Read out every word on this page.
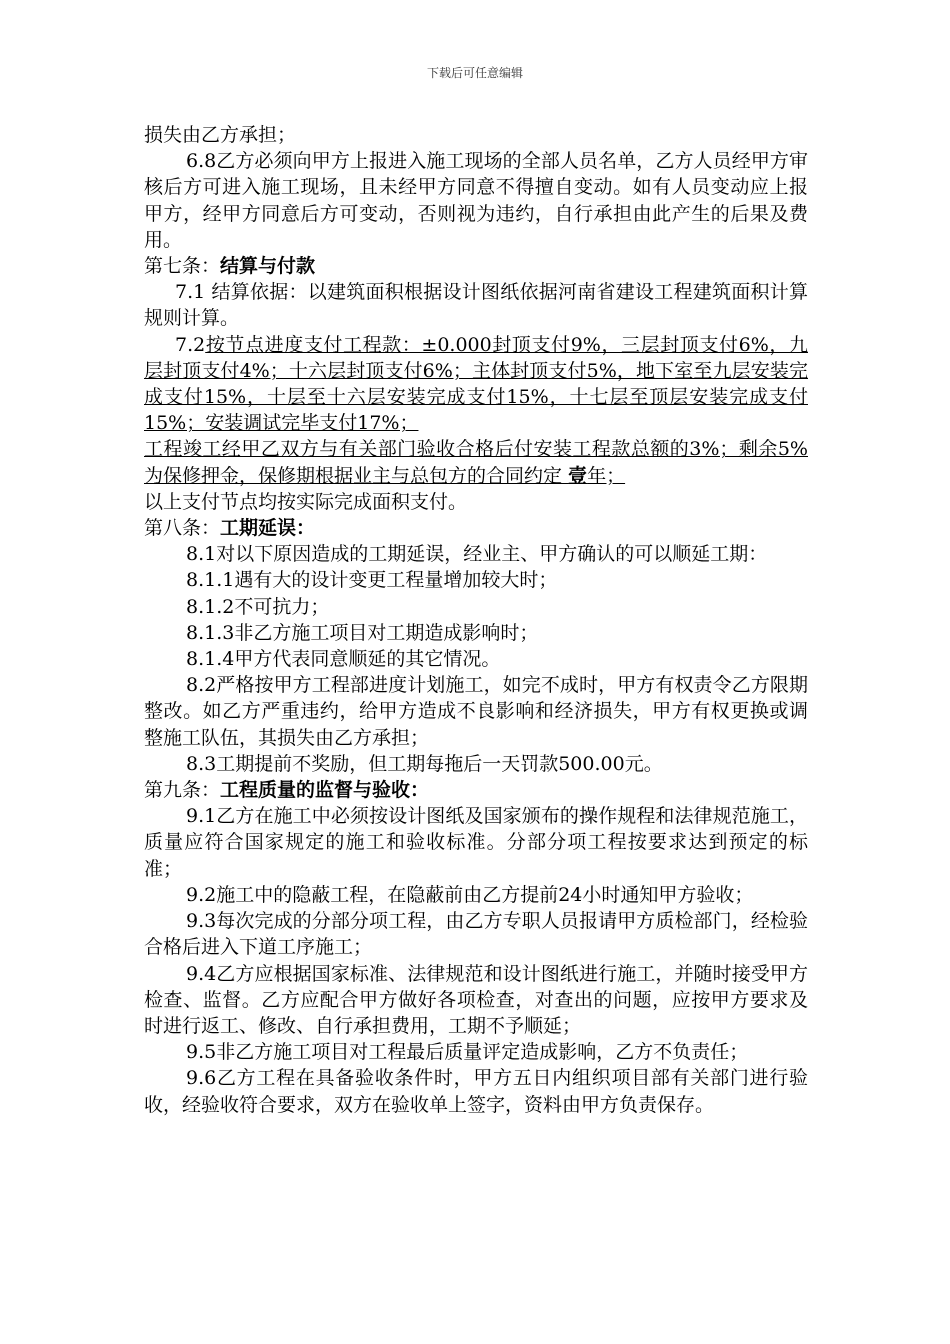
下载后可任意编辑

损失由乙方承担；

6.8乙方必须向甲方上报进入施工现场的全部人员名单，乙方人员经甲方审核后方可进入施工现场，且未经甲方同意不得擅自变动。如有人员变动应上报甲方，经甲方同意后方可变动，否则视为违约，自行承担由此产生的后果及费用。

第七条：结算与付款

7.1 结算依据：以建筑面积根据设计图纸依据河南省建设工程建筑面积计算规则计算。

7.2按节点进度支付工程款：±0.000封顶支付9%，三层封顶支付6%，九层封顶支付4%；十六层封顶支付6%；主体封顶支付5%，地下室至九层安装完成支付15%，十层至十六层安装完成支付15%，十七层至顶层安装完成支付15%；安装调试完毕支付17%；

工程竣工经甲乙双方与有关部门验收合格后付安装工程款总额的3%；剩余5%为保修押金，保修期根据业主与总包方的合同约定 壹年；

以上支付节点均按实际完成面积支付。

第八条：工期延误：

8.1对以下原因造成的工期延误，经业主、甲方确认的可以顺延工期：

8.1.1遇有大的设计变更工程量增加较大时；

8.1.2不可抗力；

8.1.3非乙方施工项目对工期造成影响时；

8.1.4甲方代表同意顺延的其它情况。

8.2严格按甲方工程部进度计划施工，如完不成时，甲方有权责令乙方限期整改。如乙方严重违约，给甲方造成不良影响和经济损失，甲方有权更换或调整施工队伍，其损失由乙方承担；

8.3工期提前不奖励，但工期每拖后一天罚款500.00元。

第九条：工程质量的监督与验收：

9.1乙方在施工中必须按设计图纸及国家颁布的操作规程和法律规范施工，质量应符合国家规定的施工和验收标准。分部分项工程按要求达到预定的标准；

9.2施工中的隐蔽工程，在隐蔽前由乙方提前24小时通知甲方验收；

9.3每次完成的分部分项工程，由乙方专职人员报请甲方质检部门，经检验合格后进入下道工序施工；

9.4乙方应根据国家标准、法律规范和设计图纸进行施工，并随时接受甲方检查、监督。乙方应配合甲方做好各项检查，对查出的问题，应按甲方要求及时进行返工、修改、自行承担费用，工期不予顺延；

9.5非乙方施工项目对工程最后质量评定造成影响，乙方不负责任；

9.6乙方工程在具备验收条件时，甲方五日内组织项目部有关部门进行验收，经验收符合要求，双方在验收单上签字，资料由甲方负责保存。
